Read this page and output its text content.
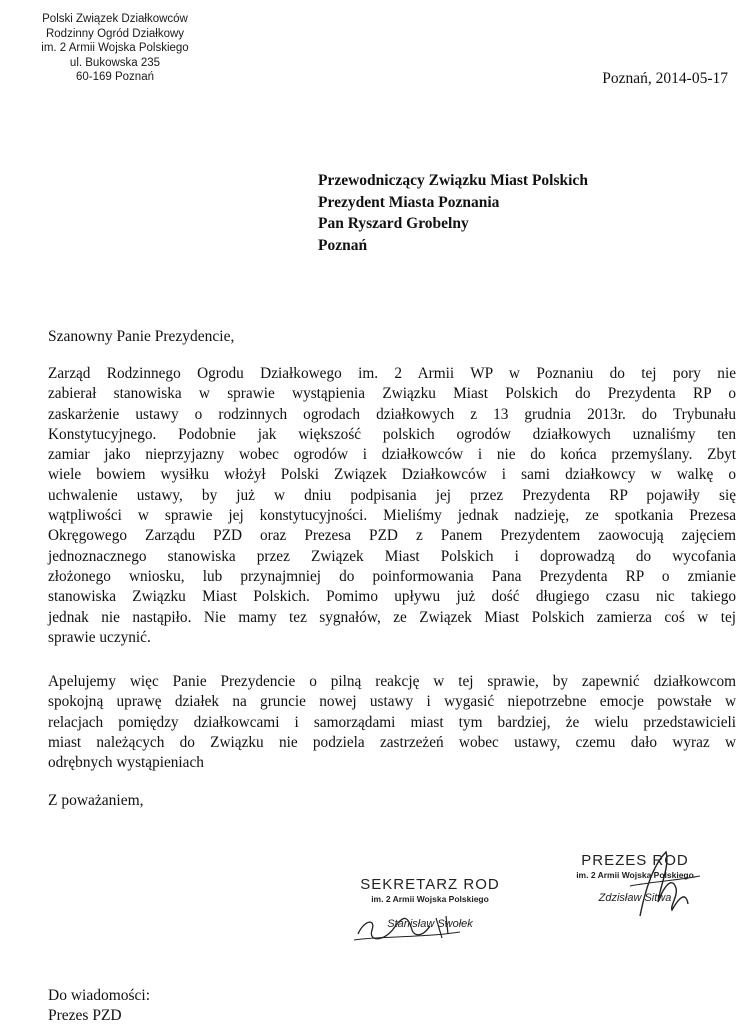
Polski Związek Działkowców
Rodzinny Ogród Działkowy
im. 2 Armii Wojska Polskiego
ul. Bukowska 235
60-169 Poznań	Poznań, 2014-05-17
Przewodniczący Związku Miast Polskich
Prezydent Miasta Poznania
Pan Ryszard Grobelny
Poznań
Szanowny Panie Prezydencie,
Zarząd Rodzinnego Ogrodu Działkowego im. 2 Armii WP w Poznaniu do tej pory nie
zabierał stanowiska w sprawie wystąpienia Związku Miast Polskich do Prezydenta RP o
zaskarżenie ustawy o rodzinnych ogrodach działkowych z 13 grudnia 2013r. do Trybunału
Konstytucyjnego. Podobnie jak większość polskich ogrodów działkowych uznaliśmy ten
zamiar jako nieprzyjazny wobec ogrodów i działkowców i nie do końca przemyślany. Zbyt
wiele bowiem wysiłku włożył Polski Związek Działkowców i sami działkowcy w walkę o
uchwalenie ustawy, by już w dniu podpisania jej przez Prezydenta RP pojawiły się
wątpliwości w sprawie jej konstytucyjności. Mieliśmy jednak nadzieję, ze spotkania Prezesa
Okręgowego Zarządu PZD oraz Prezesa PZD z Panem Prezydentem zaowocują zajęciem
jednoznacznego stanowiska przez Związek Miast Polskich i doprowadzą do wycofania
złożonego wniosku, lub przynajmniej do poinformowania Pana Prezydenta RP o zmianie
stanowiska Związku Miast Polskich. Pomimo upływu już dość długiego czasu nic takiego
jednak nie nastąpiło. Nie mamy tez sygnałów, ze Związek Miast Polskich zamierza coś w tej
sprawie uczynić.
Apelujemy więc Panie Prezydencie o pilną reakcję w tej sprawie, by zapewnić działkowcom
spokojną uprawę działek na gruncie nowej ustawy i wygasić niepotrzebne emocje powstałe w
relacjach pomiędzy działkowcami i samorządami miast tym bardziej, że wielu przedstawicieli
miast należących do Związku nie podziela zastrzeżeń wobec ustawy, czemu dało wyraz w
odrębnych wystąpieniach
Z poważaniem,
SEKRETARZ ROD
im. 2 Armii Wojska Polskiego
Stanisław Swołek
PREZES ROD
im. 2 Armii Wojska Polskiego
Zdzisław Sitwa
Do wiadomości:
Prezes PZD
